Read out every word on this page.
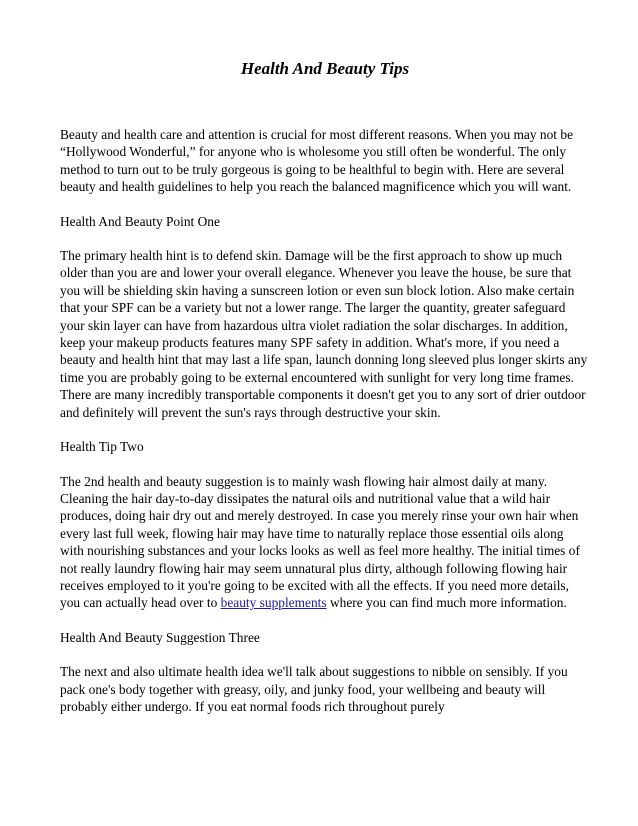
Health And Beauty Tips

Beauty and health care and attention is crucial for most different reasons. When you may not be “Hollywood Wonderful,” for anyone who is wholesome you still often be wonderful. The only method to turn out to be truly gorgeous is going to be healthful to begin with. Here are several beauty and health guidelines to help you reach the balanced magnificence which you will want.

Health And Beauty Point One

The primary health hint is to defend skin. Damage will be the first approach to show up much older than you are and lower your overall elegance. Whenever you leave the house, be sure that you will be shielding skin having a sunscreen lotion or even sun block lotion. Also make certain that your SPF can be a variety but not a lower range. The larger the quantity, greater safeguard your skin layer can have from hazardous ultra violet radiation the solar discharges. In addition, keep your makeup products features many SPF safety in addition. What's more, if you need a beauty and health hint that may last a life span, launch donning long sleeved plus longer skirts any time you are probably going to be external encountered with sunlight for very long time frames. There are many incredibly transportable components it doesn't get you to any sort of drier outdoor and definitely will prevent the sun's rays through destructive your skin.

Health Tip Two

The 2nd health and beauty suggestion is to mainly wash flowing hair almost daily at many. Cleaning the hair day-to-day dissipates the natural oils and nutritional value that a wild hair produces, doing hair dry out and merely destroyed. In case you merely rinse your own hair when every last full week, flowing hair may have time to naturally replace those essential oils along with nourishing substances and your locks looks as well as feel more healthy. The initial times of not really laundry flowing hair may seem unnatural plus dirty, although following flowing hair receives employed to it you're going to be excited with all the effects. If you need more details, you can actually head over to beauty supplements where you can find much more information.

Health And Beauty Suggestion Three

The next and also ultimate health idea we'll talk about suggestions to nibble on sensibly. If you pack one's body together with greasy, oily, and junky food, your wellbeing and beauty will probably either undergo. If you eat normal foods rich throughout purely
